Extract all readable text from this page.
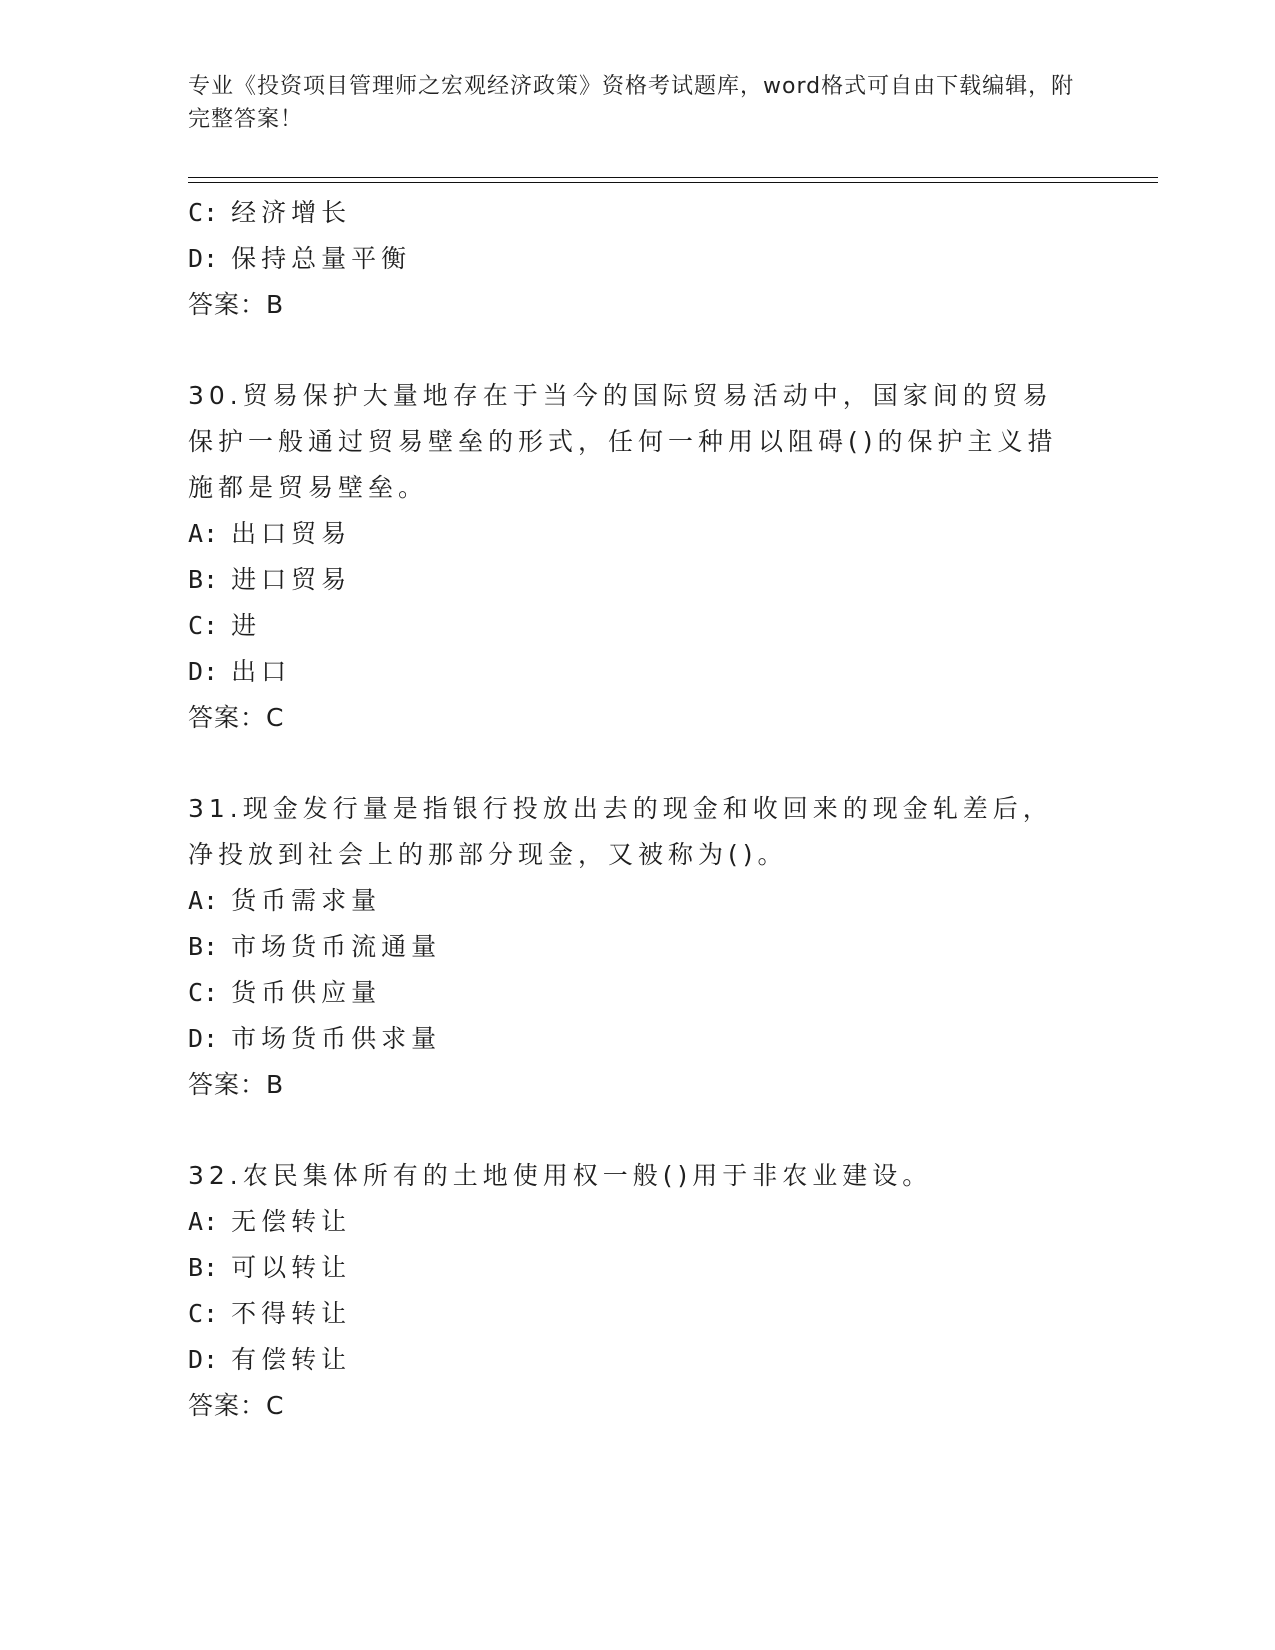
专业《投资项目管理师之宏观经济政策》资格考试题库，word格式可自由下载编辑，附完整答案！
C: 经济增长
D: 保持总量平衡
答案：B
30.贸易保护大量地存在于当今的国际贸易活动中，国家间的贸易保护一般通过贸易壁垒的形式，任何一种用以阻碍()的保护主义措施都是贸易壁垒。
A: 出口贸易
B: 进口贸易
C: 进
D: 出口
答案：C
31.现金发行量是指银行投放出去的现金和收回来的现金轧差后，净投放到社会上的那部分现金，又被称为()。
A: 货币需求量
B: 市场货币流通量
C: 货币供应量
D: 市场货币供求量
答案：B
32.农民集体所有的土地使用权一般()用于非农业建设。
A: 无偿转让
B: 可以转让
C: 不得转让
D: 有偿转让
答案：C
